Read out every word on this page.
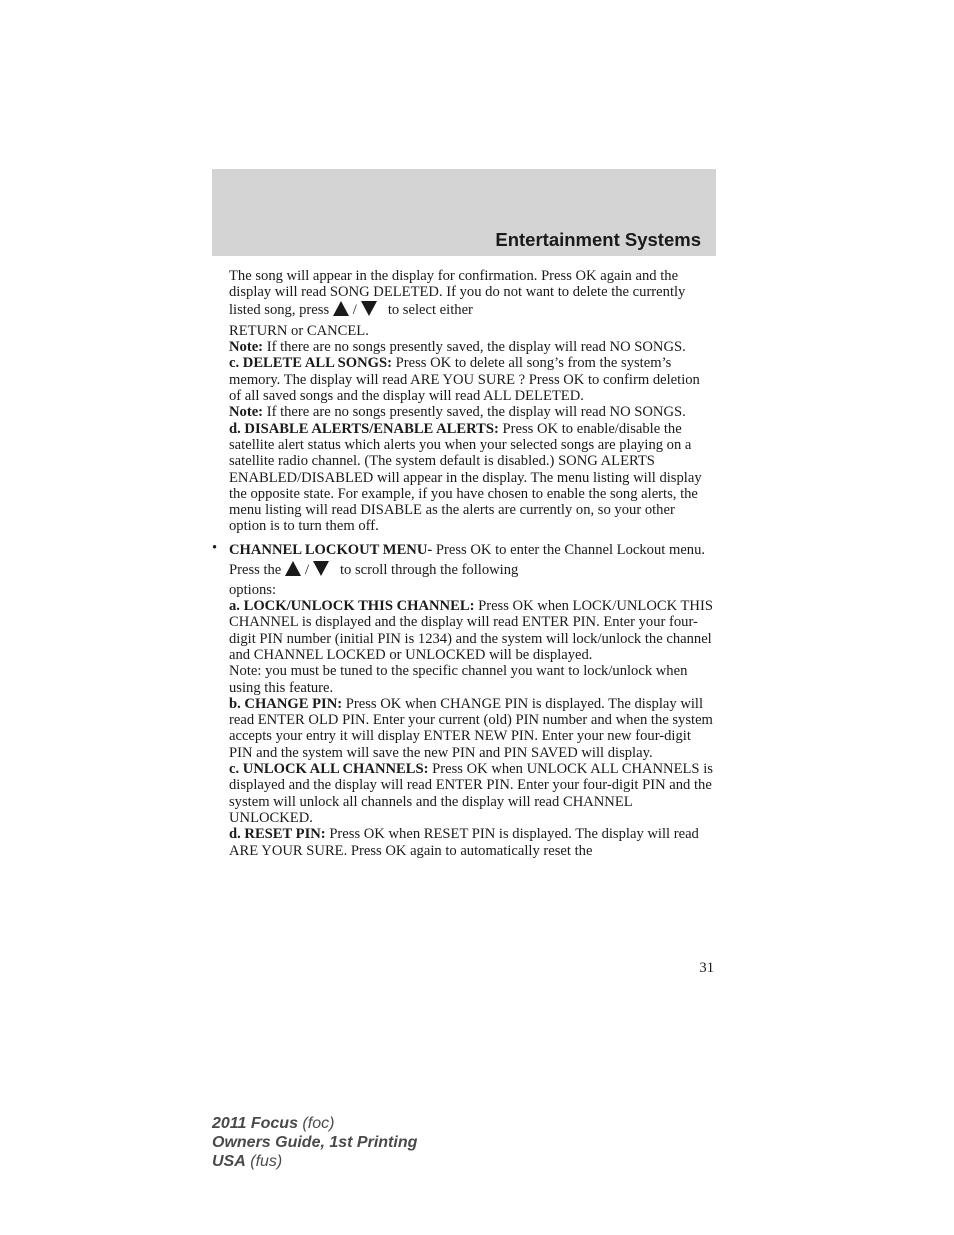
Entertainment Systems

The song will appear in the display for confirmation. Press OK again and the display will read SONG DELETED. If you do not want to delete the currently listed song, press / to select either

RETURN or CANCEL.

Note: If there are no songs presently saved, the display will read NO SONGS.

c. DELETE ALL SONGS: Press OK to delete all song’s from the system’s memory. The display will read ARE YOU SURE ? Press OK to confirm deletion of all saved songs and the display will read ALL DELETED.

Note: If there are no songs presently saved, the display will read NO SONGS.

d. DISABLE ALERTS/ENABLE ALERTS: Press OK to enable/disable the satellite alert status which alerts you when your selected songs are playing on a satellite radio channel. (The system default is disabled.) SONG ALERTS ENABLED/DISABLED will appear in the display. The menu listing will display the opposite state. For example, if you have chosen to enable the song alerts, the menu listing will read DISABLE as the alerts are currently on, so your other option is to turn them off.

• CHANNEL LOCKOUT MENU- Press OK to enter the Channel Lockout menu. Press the / to scroll through the following

options:

a. LOCK/UNLOCK THIS CHANNEL: Press OK when LOCK/UNLOCK THIS CHANNEL is displayed and the display will read ENTER PIN. Enter your four-digit PIN number (initial PIN is 1234) and the system will lock/unlock the channel and CHANNEL LOCKED or UNLOCKED will be displayed.

Note: you must be tuned to the specific channel you want to lock/unlock when using this feature.

b. CHANGE PIN: Press OK when CHANGE PIN is displayed. The display will read ENTER OLD PIN. Enter your current (old) PIN number and when the system accepts your entry it will display ENTER NEW PIN. Enter your new four-digit PIN and the system will save the new PIN and PIN SAVED will display.

c. UNLOCK ALL CHANNELS: Press OK when UNLOCK ALL CHANNELS is displayed and the display will read ENTER PIN. Enter your four-digit PIN and the system will unlock all channels and the display will read CHANNEL UNLOCKED.

d. RESET PIN: Press OK when RESET PIN is displayed. The display will read ARE YOUR SURE. Press OK again to automatically reset the

31
2011 Focus (foc)
Owners Guide, 1st Printing
USA (fus)
